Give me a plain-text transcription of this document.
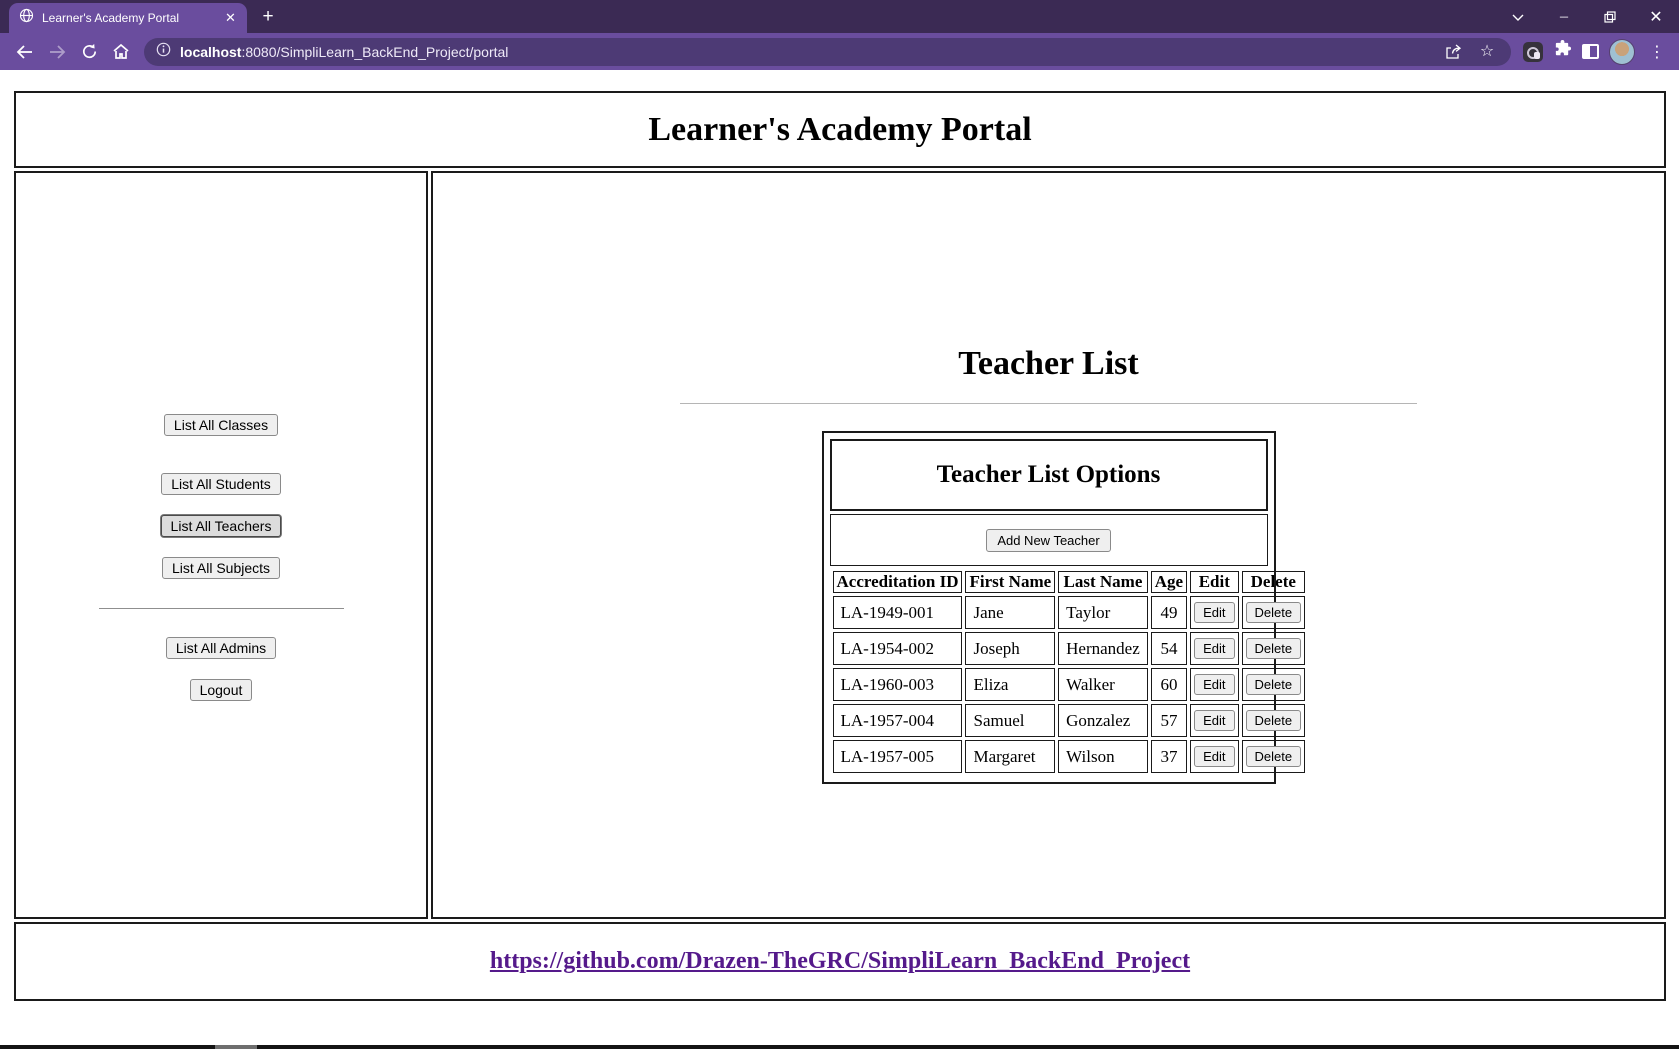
Learner's Academy Portal	✕	+	–	✕
localhost:8080/SimpliLearn_BackEnd_Project/portal	☆	⋮
Learner's Academy Portal
List All Classes
List All Students
List All Teachers
List All Subjects
List All Admins
Logout
Teacher List
Teacher List Options
Add New Teacher
Accreditation ID	First Name	Last Name	Age	Edit	Delete
LA-1949-001	Jane	Taylor	49	Edit	Delete
LA-1954-002	Joseph	Hernandez	54	Edit	Delete
LA-1960-003	Eliza	Walker	60	Edit	Delete
LA-1957-004	Samuel	Gonzalez	57	Edit	Delete
LA-1957-005	Margaret	Wilson	37	Edit	Delete
https://github.com/Drazen-TheGRC/SimpliLearn_BackEnd_Project
